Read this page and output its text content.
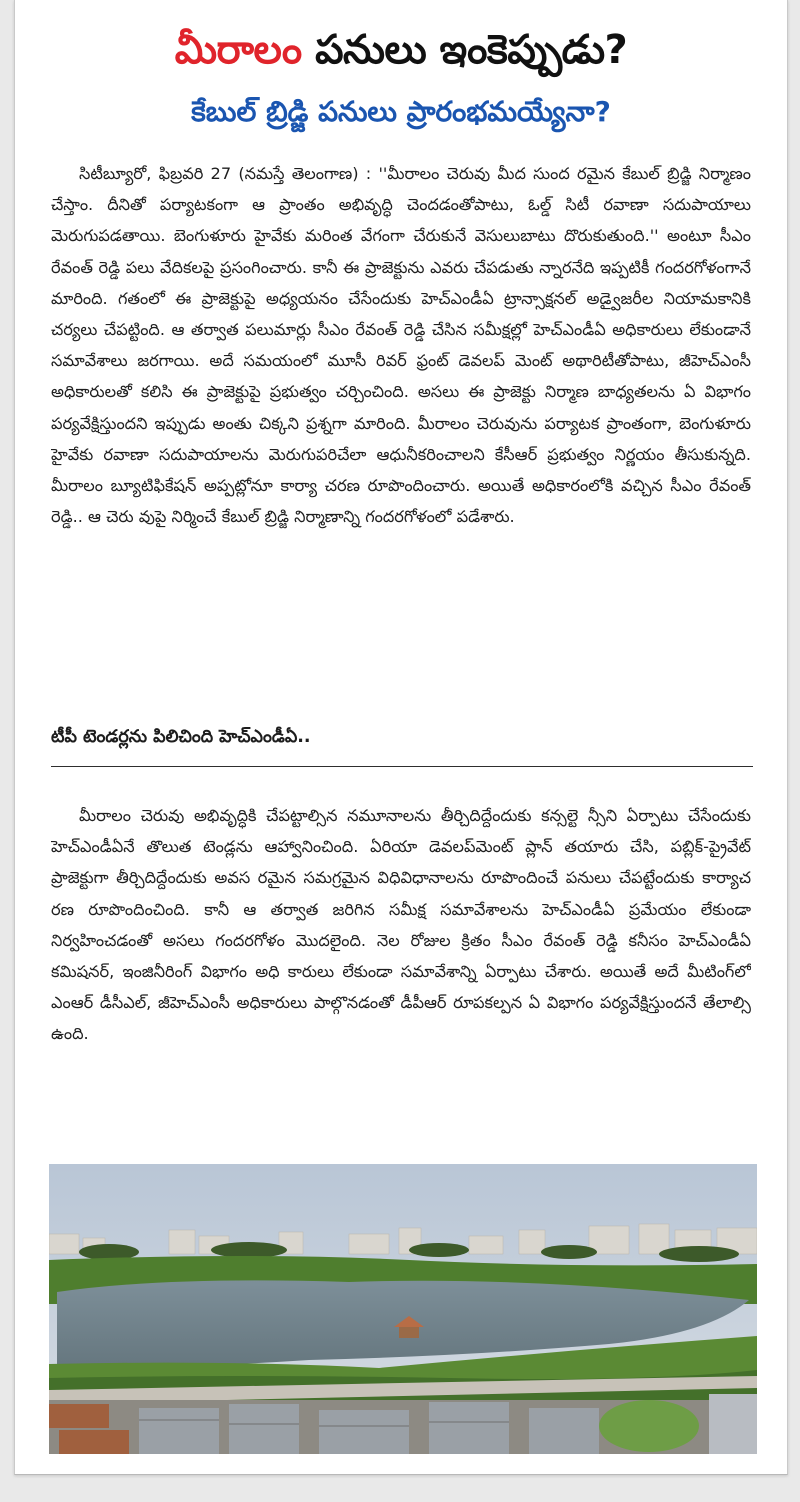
మీరాలం పనులు ఇంకెప్పుడు?
కేబుల్ బ్రిడ్జి పనులు ప్రారంభమయ్యేనా?

సిటీబ్యూరో, ఫిబ్రవరి 27 (నమస్తే తెలంగాణ) : ''మీరాలం చెరువు మీద సుంద రమైన కేబుల్ బ్రిడ్జి నిర్మాణం చేస్తాం. దీనితో పర్యాటకంగా ఆ ప్రాంతం అభివృద్ధి చెందడంతోపాటు, ఓల్డ్ సిటీ రవాణా సదుపాయాలు మెరుగుపడతాయి. బెంగుళూరు హైవేకు మరింత వేగంగా చేరుకునే వెసులుబాటు దొరుకుతుంది.'' అంటూ సీఎం రేవంత్ రెడ్డి పలు వేదికలపై ప్రసంగించారు. కానీ ఈ ప్రాజెక్టును ఎవరు చేపడుతు న్నారనేది ఇప్పటికీ గందరగోళంగానే మారింది. గతంలో ఈ ప్రాజెక్టుపై అధ్యయనం చేసేందుకు హెచ్ఎండీఏ ట్రాన్సాక్షనల్ అడ్వైజరీల నియామకానికి చర్యలు చేపట్టింది. ఆ తర్వాత పలుమార్లు సీఎం రేవంత్ రెడ్డి చేసిన సమీక్షల్లో హెచ్ఎండీఏ అధికారులు లేకుండానే సమావేశాలు జరగాయి. అదే సమయంలో మూసీ రివర్ ఫ్రంట్ డెవలప్ మెంట్ అథారిటీతోపాటు, జీహెచ్ఎంసీ అధికారులతో కలిసి ఈ ప్రాజెక్టుపై ప్రభుత్వం చర్చించింది. అసలు ఈ ప్రాజెక్టు నిర్మాణ బాధ్యతలను ఏ విభాగం పర్యవేక్షిస్తుందని ఇప్పుడు అంతు చిక్కని ప్రశ్నగా మారింది. మీరాలం చెరువును పర్యాటక ప్రాంతంగా, బెంగుళూరు హైవేకు రవాణా సదుపాయాలను మెరుగుపరిచేలా ఆధునీకరించాలని కేసీఆర్ ప్రభుత్వం నిర్ణయం తీసుకున్నది. మీరాలం బ్యూటిఫికేషన్ అప్పట్లోనూ కార్యా చరణ రూపొందించారు. అయితే అధికారంలోకి వచ్చిన సీఎం రేవంత్ రెడ్డి.. ఆ చెరు వుపై నిర్మించే కేబుల్ బ్రిడ్జి నిర్మాణాన్ని గందరగోళంలో పడేశారు.

టీపీ టెండర్లను పిలిచింది హెచ్ఎండీఏ..

మీరాలం చెరువు అభివృద్ధికి చేపట్టాల్సిన నమూనాలను తీర్చిదిద్దేందుకు కన్సల్టె న్సీని ఏర్పాటు చేసేందుకు హెచ్ఎండీఏనే తొలుత టెండ్లను ఆహ్వానించింది. ఏరియా డెవలప్‌మెంట్ ప్లాన్ తయారు చేసి, పబ్లిక్-ప్రైవేట్ ప్రాజెక్టుగా తీర్చిదిద్దేందుకు అవస రమైన సమగ్రమైన విధివిధానాలను రూపొందించే పనులు చేపట్టేందుకు కార్యాచ రణ రూపొందించింది. కానీ ఆ తర్వాత జరిగిన సమీక్ష సమావేశాలను హెచ్ఎండీఏ ప్రమేయం లేకుండా నిర్వహించడంతో అసలు గందరగోళం మొదలైంది. నెల రోజుల క్రితం సీఎం రేవంత్ రెడ్డి కనీసం హెచ్ఎండీఏ కమిషనర్, ఇంజినీరింగ్ విభాగం అధి కారులు లేకుండా సమావేశాన్ని ఏర్పాటు చేశారు. అయితే అదే మీటింగ్‌లో ఎంఆర్ డీసీఎల్, జీహెచ్ఎంసీ అధికారులు పాల్గొనడంతో డీపీఆర్ రూపకల్పన ఏ విభాగం పర్యవేక్షిస్తుందనే తేలాల్సి ఉంది.
